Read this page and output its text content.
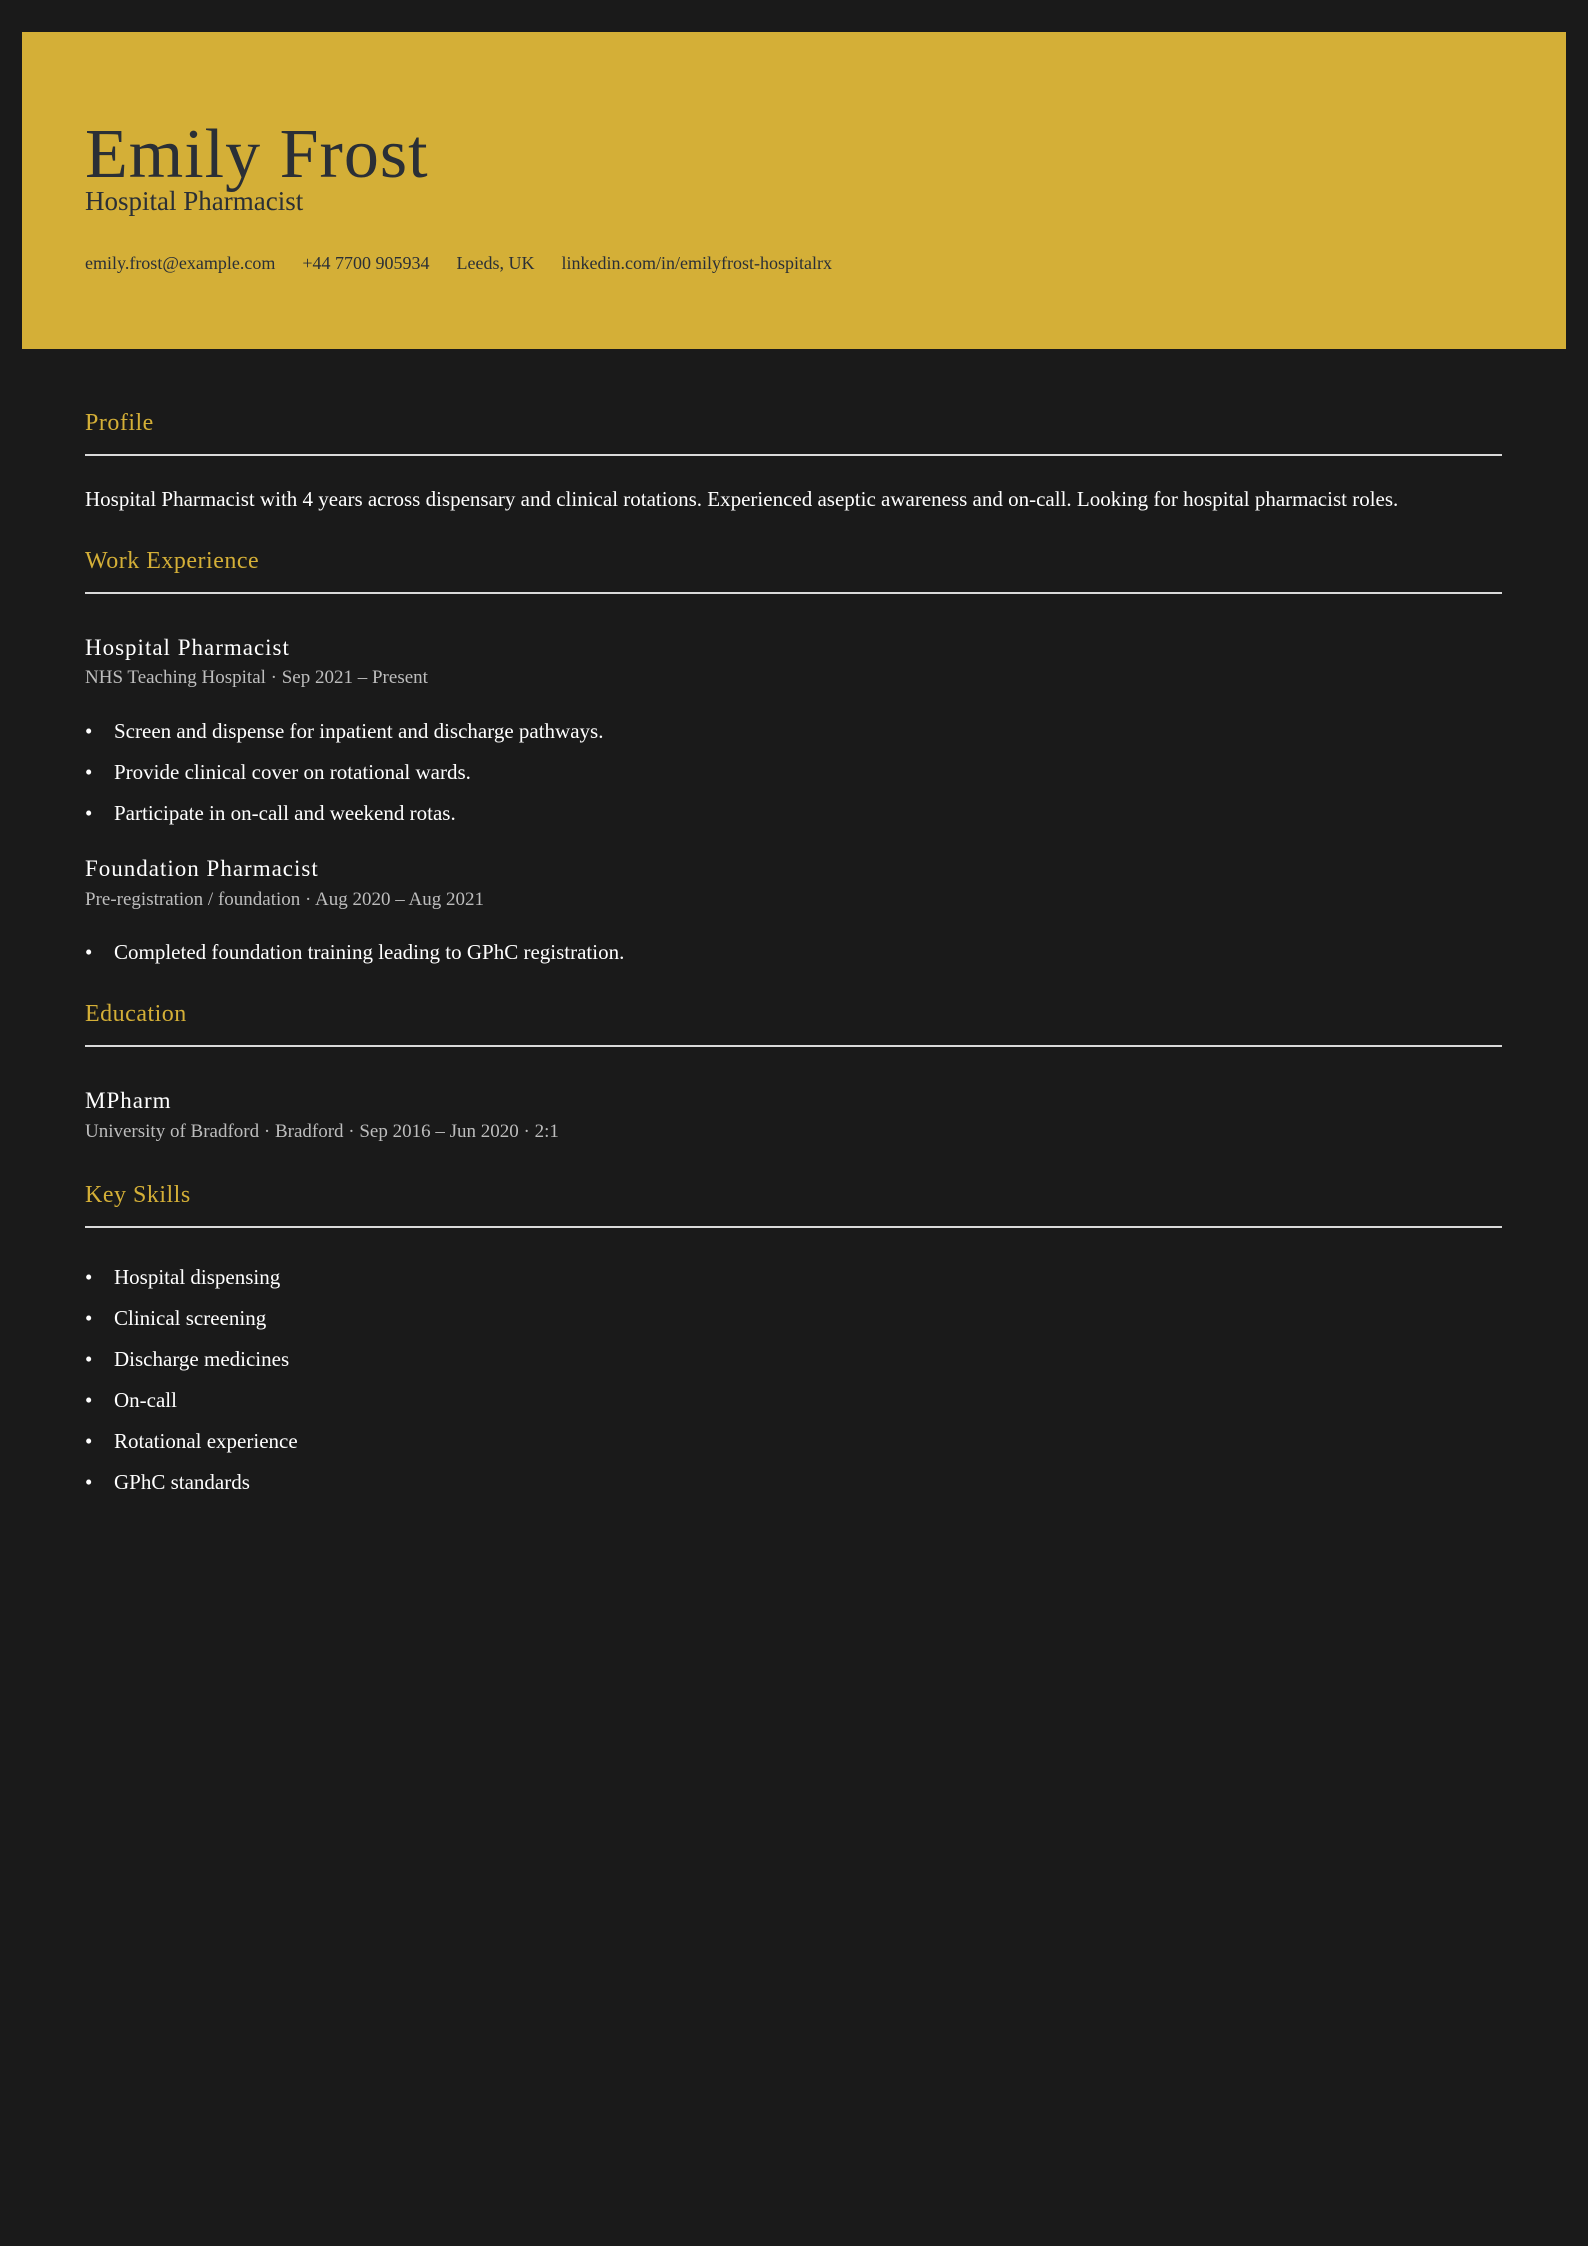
Emily Frost
Hospital Pharmacist
emily.frost@example.com +44 7700 905934 Leeds, UK linkedin.com/in/emilyfrost-hospitalrx
Profile
Hospital Pharmacist with 4 years across dispensary and clinical rotations. Experienced aseptic awareness and on-call. Looking for hospital pharmacist roles.
Work Experience
Hospital Pharmacist
NHS Teaching Hospital · Sep 2021 – Present
•	Screen and dispense for inpatient and discharge pathways.
•	Provide clinical cover on rotational wards.
•	Participate in on-call and weekend rotas.
Foundation Pharmacist
Pre-registration / foundation · Aug 2020 – Aug 2021
•	Completed foundation training leading to GPhC registration.
Education
MPharm
University of Bradford · Bradford · Sep 2016 – Jun 2020 · 2:1
Key Skills
•	Hospital dispensing
•	Clinical screening
•	Discharge medicines
•	On-call
•	Rotational experience
•	GPhC standards
